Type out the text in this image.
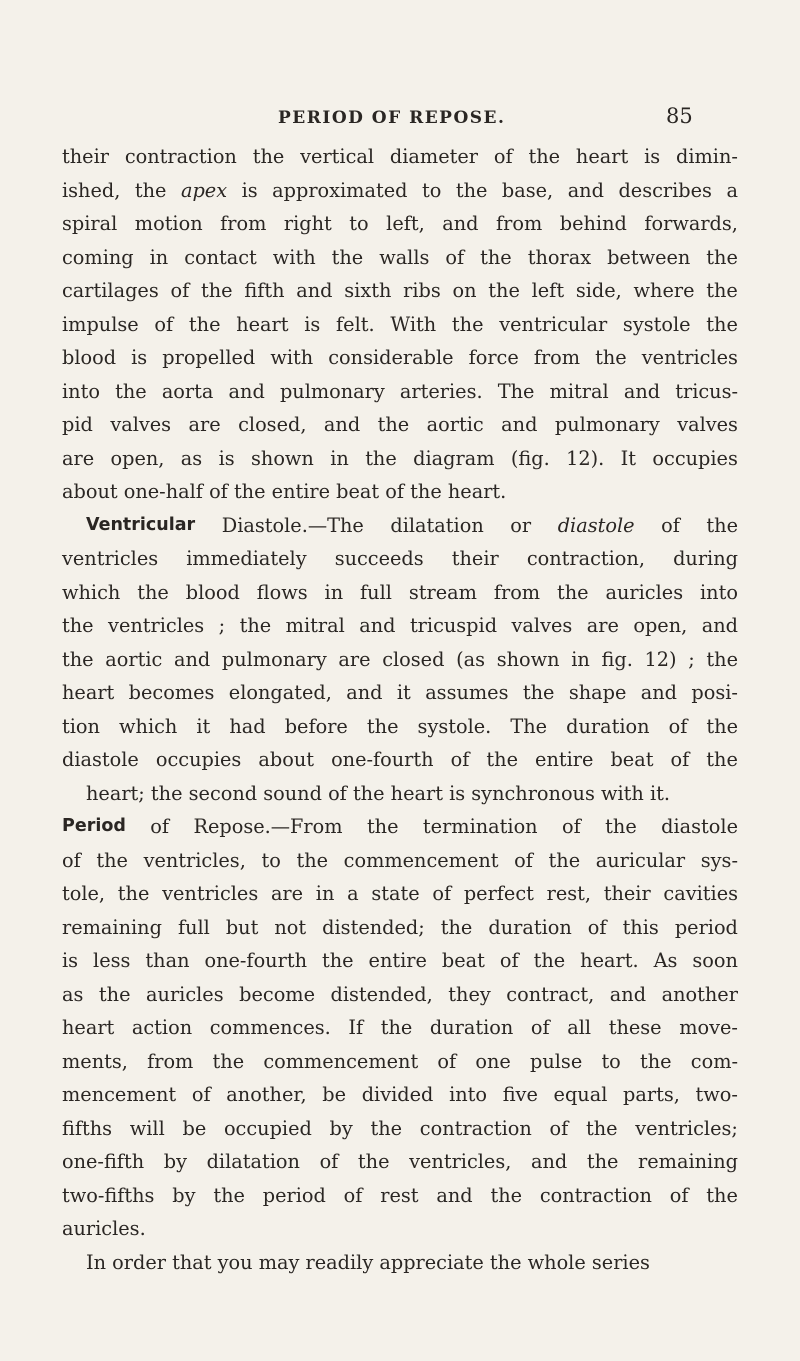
PERIOD OF REPOSE.	85
their contraction the vertical diameter of the heart is dimin-
ished, the apex is approximated to the base, and describes a
spiral motion from right to left, and from behind forwards,
coming in contact with the walls of the thorax between the
cartilages of the fifth and sixth ribs on the left side, where the
impulse of the heart is felt. With the ventricular systole the
blood is propelled with considerable force from the ventricles
into the aorta and pulmonary arteries. The mitral and tricus-
pid valves are closed, and the aortic and pulmonary valves
are open, as is shown in the diagram (fig. 12). It occupies
about one-half of the entire beat of the heart.
Ventricular Diastole.—The dilatation or diastole of the
ventricles immediately succeeds their contraction, during
which the blood flows in full stream from the auricles into
the ventricles ; the mitral and tricuspid valves are open, and
the aortic and pulmonary are closed (as shown in fig. 12) ; the
heart becomes elongated, and it assumes the shape and posi-
tion which it had before the systole. The duration of the
diastole occupies about one-fourth of the entire beat of the
heart; the second sound of the heart is synchronous with it.
Period of Repose.—From the termination of the diastole
of the ventricles, to the commencement of the auricular sys-
tole, the ventricles are in a state of perfect rest, their cavities
remaining full but not distended; the duration of this period
is less than one-fourth the entire beat of the heart. As soon
as the auricles become distended, they contract, and another
heart action commences. If the duration of all these move-
ments, from the commencement of one pulse to the com-
mencement of another, be divided into five equal parts, two-
fifths will be occupied by the contraction of the ventricles;
one-fifth by dilatation of the ventricles, and the remaining
two-fifths by the period of rest and the contraction of the
auricles.
In order that you may readily appreciate the whole series
